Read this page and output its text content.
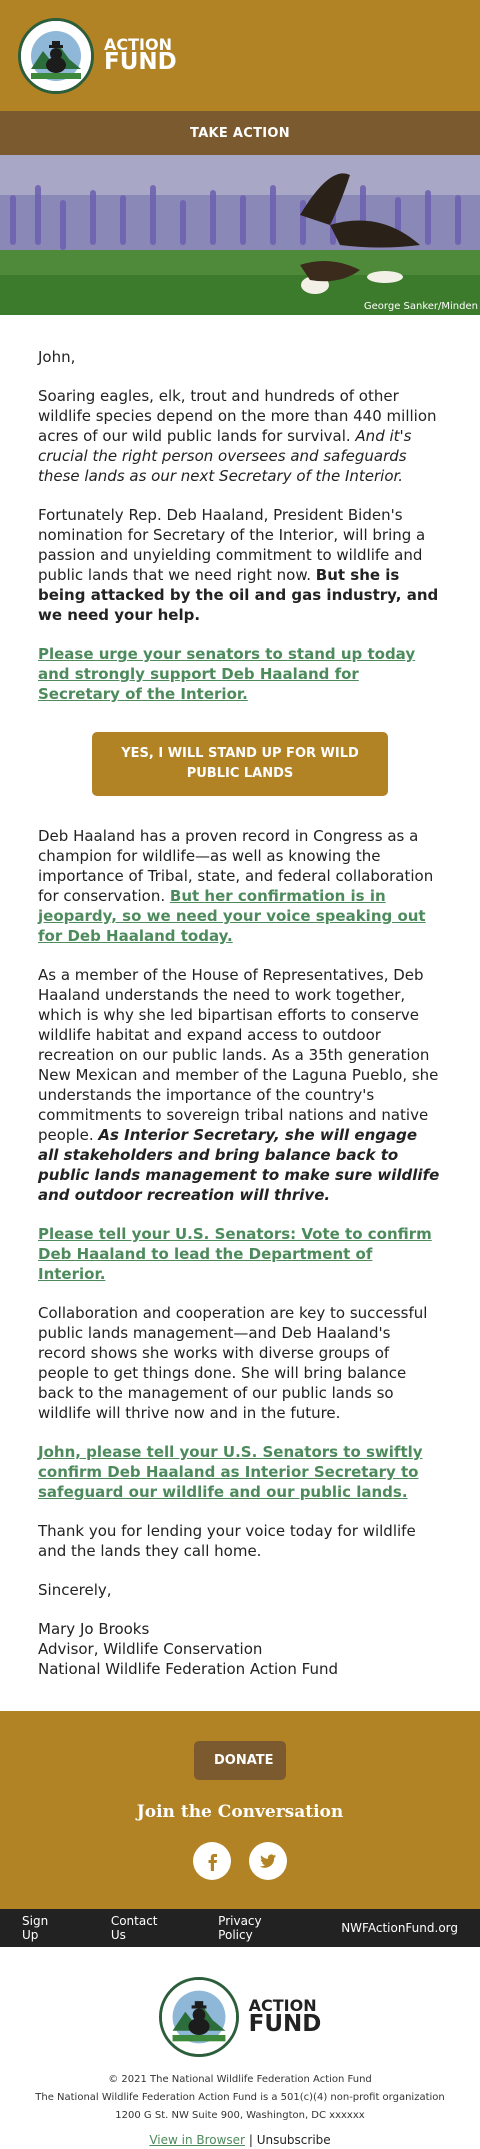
ACTION
FUND
TAKE ACTION
George Sanker/Minden

John,

Soaring eagles, elk, trout and hundreds of other wildlife species depend on the more than 440 million acres of our wild public lands for survival. And it's crucial the right person oversees and safeguards these lands as our next Secretary of the Interior.

Fortunately Rep. Deb Haaland, President Biden's nomination for Secretary of the Interior, will bring a passion and unyielding commitment to wildlife and public lands that we need right now. But she is being attacked by the oil and gas industry, and we need your help.

Please urge your senators to stand up today and strongly support Deb Haaland for Secretary of the Interior.

YES, I WILL STAND UP FOR WILD PUBLIC LANDS

Deb Haaland has a proven record in Congress as a champion for wildlife—as well as knowing the importance of Tribal, state, and federal collaboration for conservation. But her confirmation is in jeopardy, so we need your voice speaking out for Deb Haaland today.

As a member of the House of Representatives, Deb Haaland understands the need to work together, which is why she led bipartisan efforts to conserve wildlife habitat and expand access to outdoor recreation on our public lands. As a 35th generation New Mexican and member of the Laguna Pueblo, she understands the importance of the country's commitments to sovereign tribal nations and native people. As Interior Secretary, she will engage all stakeholders and bring balance back to public lands management to make sure wildlife and outdoor recreation will thrive.

Please tell your U.S. Senators: Vote to confirm Deb Haaland to lead the Department of Interior.

Collaboration and cooperation are key to successful public lands management—and Deb Haaland's record shows she works with diverse groups of people to get things done. She will bring balance back to the management of our public lands so wildlife will thrive now and in the future.

John, please tell your U.S. Senators to swiftly confirm Deb Haaland as Interior Secretary to safeguard our wildlife and our public lands.

Thank you for lending your voice today for wildlife and the lands they call home.

Sincerely,

Mary Jo Brooks

Advisor, Wildlife Conservation

National Wildlife Federation Action Fund

DONATE
Join the Conversation
Sign Up
Contact Us
Privacy Policy	NWFActionFund.org
ACTION
FUND
© 2021 The National Wildlife Federation Action Fund
The National Wildlife Federation Action Fund is a 501(c)(4) non-profit organization
1200 G St. NW Suite 900, Washington, DC xxxxxx
View in Browser | Unsubscribe
